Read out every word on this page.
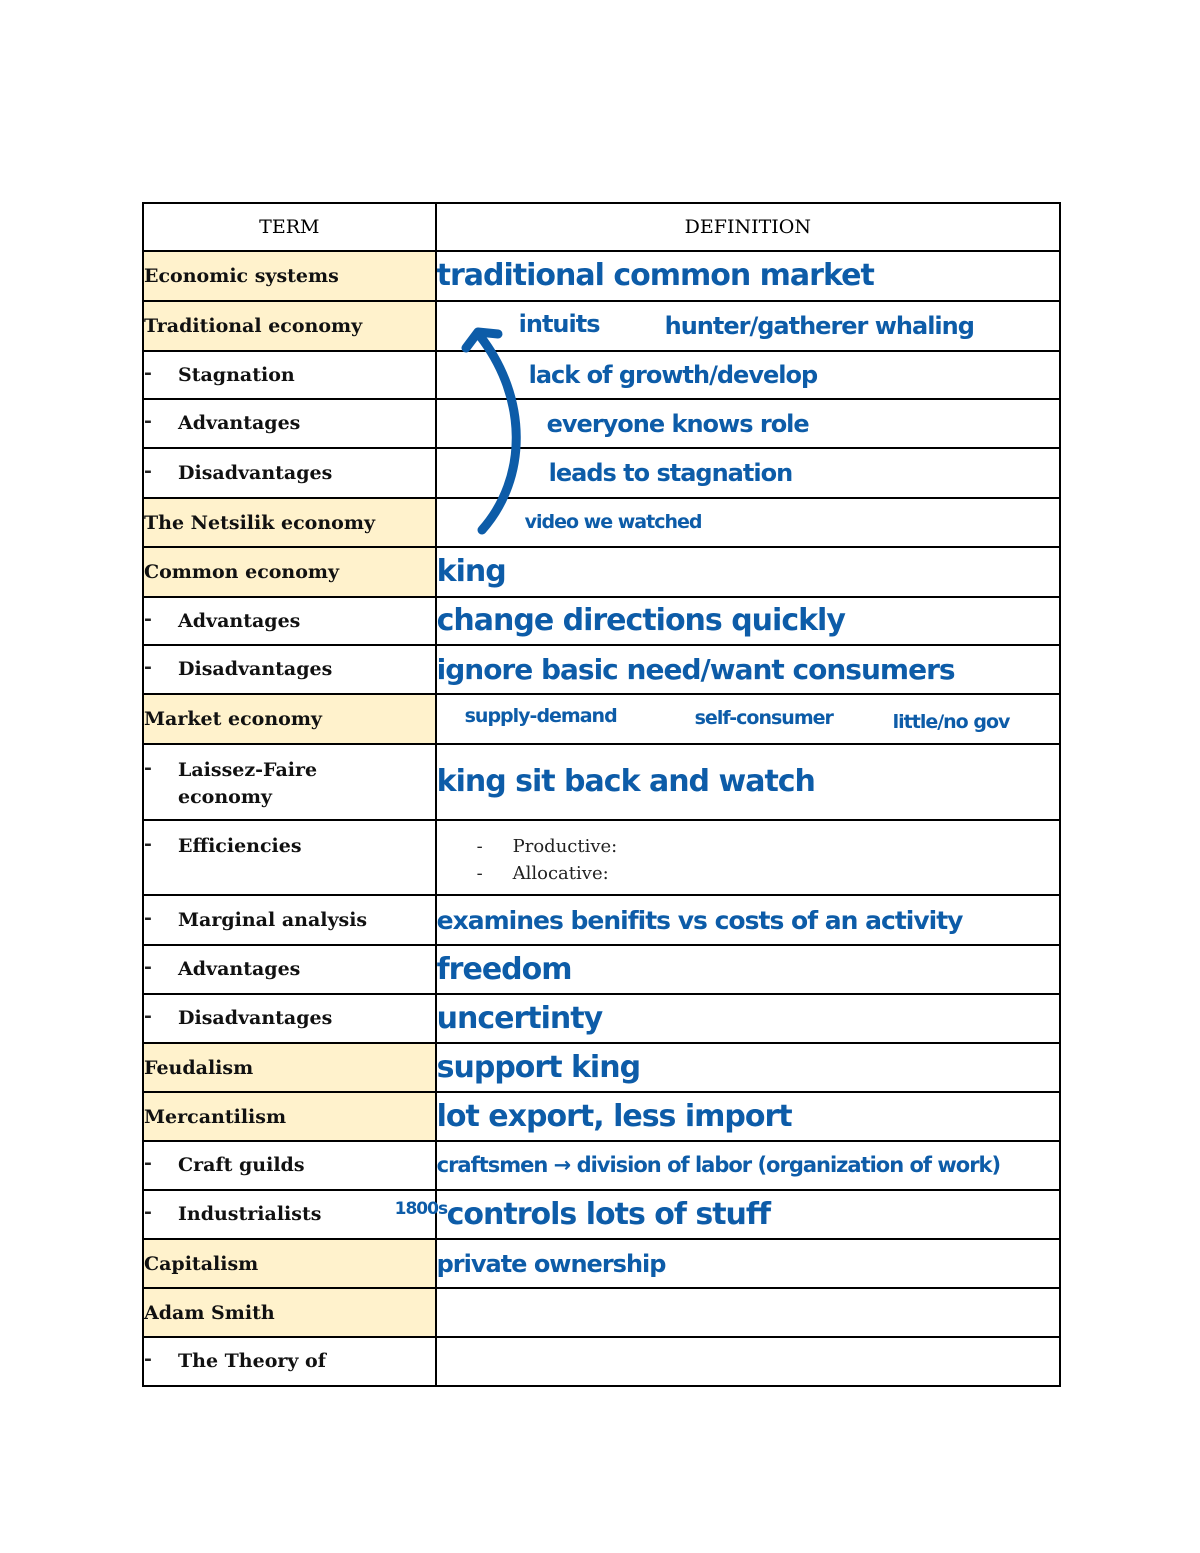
TERM	DEFINITION
Economic systems	traditional common market
Traditional economy	intuits hunter/gatherer whaling

- Stagnation	lack of growth/develop
- Advantages	everyone knows role
- Disadvantages	leads to stagnation
The Netsilik economy	video we watched
Common economy	king
- Advantages	change directions quickly
- Disadvantages	ignore basic need/want consumers
Market economy	supply-demand self-consumer little/no gov

- Laissez-Faire economy	king sit back and watch
- Efficiencies	- Productive:
- Allocative:

- Marginal analysis	examines benifits vs costs of an activity
- Advantages	freedom
- Disadvantages	uncertinty
Feudalism	support king
Mercantilism	lot export, less import
- Craft guilds	craftsmen → division of labor (organization of work)
- Industrialists	1800s controls lots of stuff
Capitalism	private ownership
Adam Smith	
- The Theory of	
